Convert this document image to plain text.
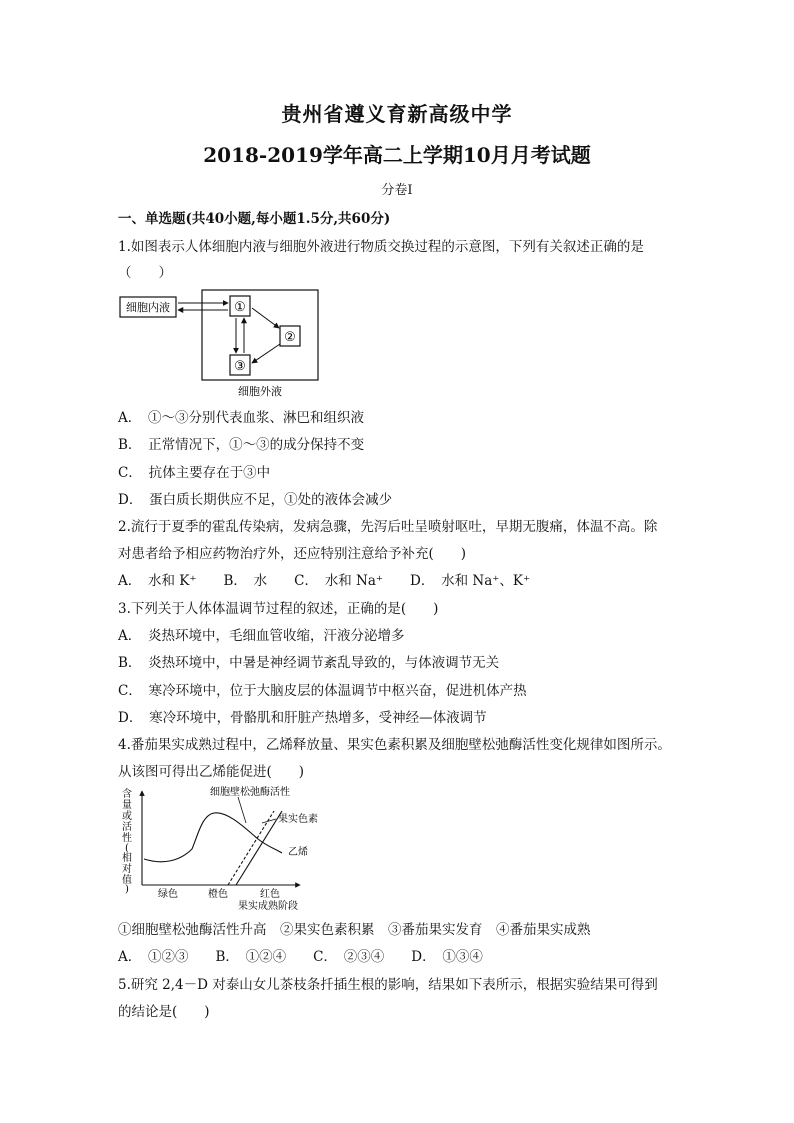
贵州省遵义育新高级中学
2018-2019学年高二上学期10月月考试题
分卷I
一、单选题(共40小题,每小题1.5分,共60分)
1.如图表示人体细胞内液与细胞外液进行物质交换过程的示意图，下列有关叙述正确的是
（　　）
细胞内液	①
②
③
细胞外液
A．　①～③分别代表血浆、淋巴和组织液
B．　正常情况下，①～③的成分保持不变
C．　抗体主要存在于③中
D．　蛋白质长期供应不足，①处的液体会减少
2.流行于夏季的霍乱传染病，发病急骤，先泻后吐呈喷射呕吐，早期无腹痛，体温不高。除
对患者给予相应药物治疗外，还应特别注意给予补充(　　)
A．　水和 K⁺　　B．　水　　C．　水和 Na⁺　　D．　水和 Na⁺、K⁺
3.下列关于人体体温调节过程的叙述，正确的是(　　)
A．　炎热环境中，毛细血管收缩，汗液分泌增多
B．　炎热环境中，中暑是神经调节紊乱导致的，与体液调节无关
C．　寒冷环境中，位于大脑皮层的体温调节中枢兴奋，促进机体产热
D．　寒冷环境中，骨骼肌和肝脏产热增多，受神经—体液调节
4.番茄果实成熟过程中，乙烯释放量、果实色素积累及细胞壁松弛酶活性变化规律如图所示。
从该图可得出乙烯能促进(　　)
含
量
或
活
性
(
相
对
值
)
细胞壁松弛酶活性
果实色素
乙烯
绿色	橙色	红色
果实成熟阶段
①细胞壁松弛酶活性升高　②果实色素积累　③番茄果实发育　④番茄果实成熟
A．　①②③　　B．　①②④　　C．　②③④　　D．　①③④
5.研究 2,4－D 对泰山女儿茶枝条扦插生根的影响，结果如下表所示，根据实验结果可得到
的结论是(　　)
